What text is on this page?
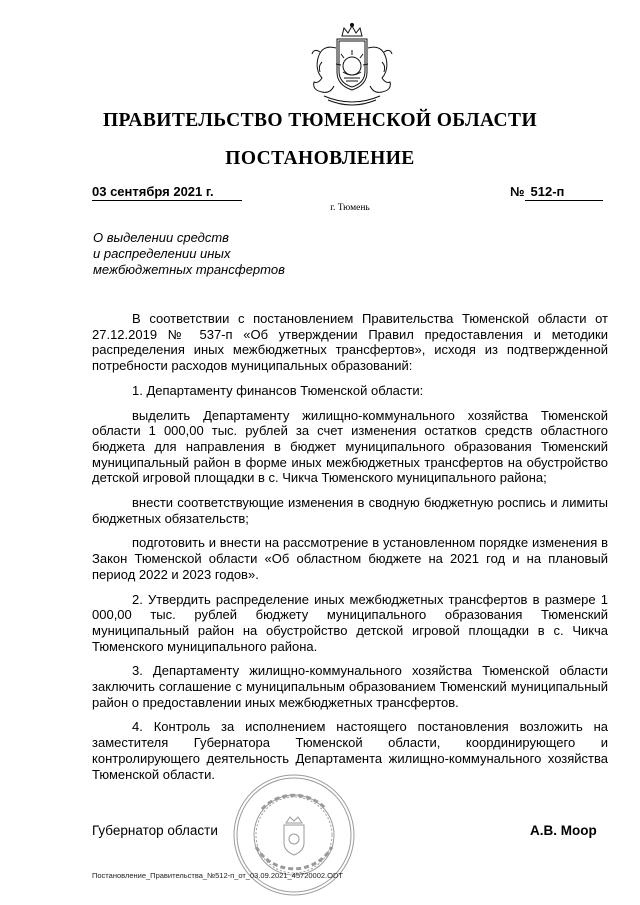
ПРАВИТЕЛЬСТВО ТЮМЕНСКОЙ ОБЛАСТИ
ПОСТАНОВЛЕНИЕ
03 сентября 2021 г.	№ 512-п
г. Тюмень
О выделении средств
и распределении иных
межбюджетных трансфертов

В соответствии с постановлением Правительства Тюменской области от 27.12.2019 № 537-п «Об утверждении Правил предоставления и методики распределения иных межбюджетных трансфертов», исходя из подтвержденной потребности расходов муниципальных образований:

1. Департаменту финансов Тюменской области:

выделить Департаменту жилищно-коммунального хозяйства Тюменской области 1 000,00 тыс. рублей за счет изменения остатков средств областного бюджета для направления в бюджет муниципального образования Тюменский муниципальный район в форме иных межбюджетных трансфертов на обустройство детской игровой площадки в с. Чикча Тюменского муниципального района;

внести соответствующие изменения в сводную бюджетную роспись и лимиты бюджетных обязательств;

подготовить и внести на рассмотрение в установленном порядке изменения в Закон Тюменской области «Об областном бюджете на 2021 год и на плановый период 2022 и 2023 годов».

2. Утвердить распределение иных межбюджетных трансфертов в размере 1 000,00 тыс. рублей бюджету муниципального образования Тюменский муниципальный район на обустройство детской игровой площадки в с. Чикча Тюменского муниципального района.

3. Департаменту жилищно-коммунального хозяйства Тюменской области заключить соглашение с муниципальным образованием Тюменский муниципальный район о предоставлении иных межбюджетных трансфертов.

4. Контроль за исполнением настоящего постановления возложить на заместителя Губернатора Тюменской области, координирующего и контролирующего деятельность Департамента жилищно-коммунального хозяйства Тюменской области.

Губернатор области	А.В. Моор
Постановление_Правительства_№512-п_от_03.09.2021_45720002.ODT
